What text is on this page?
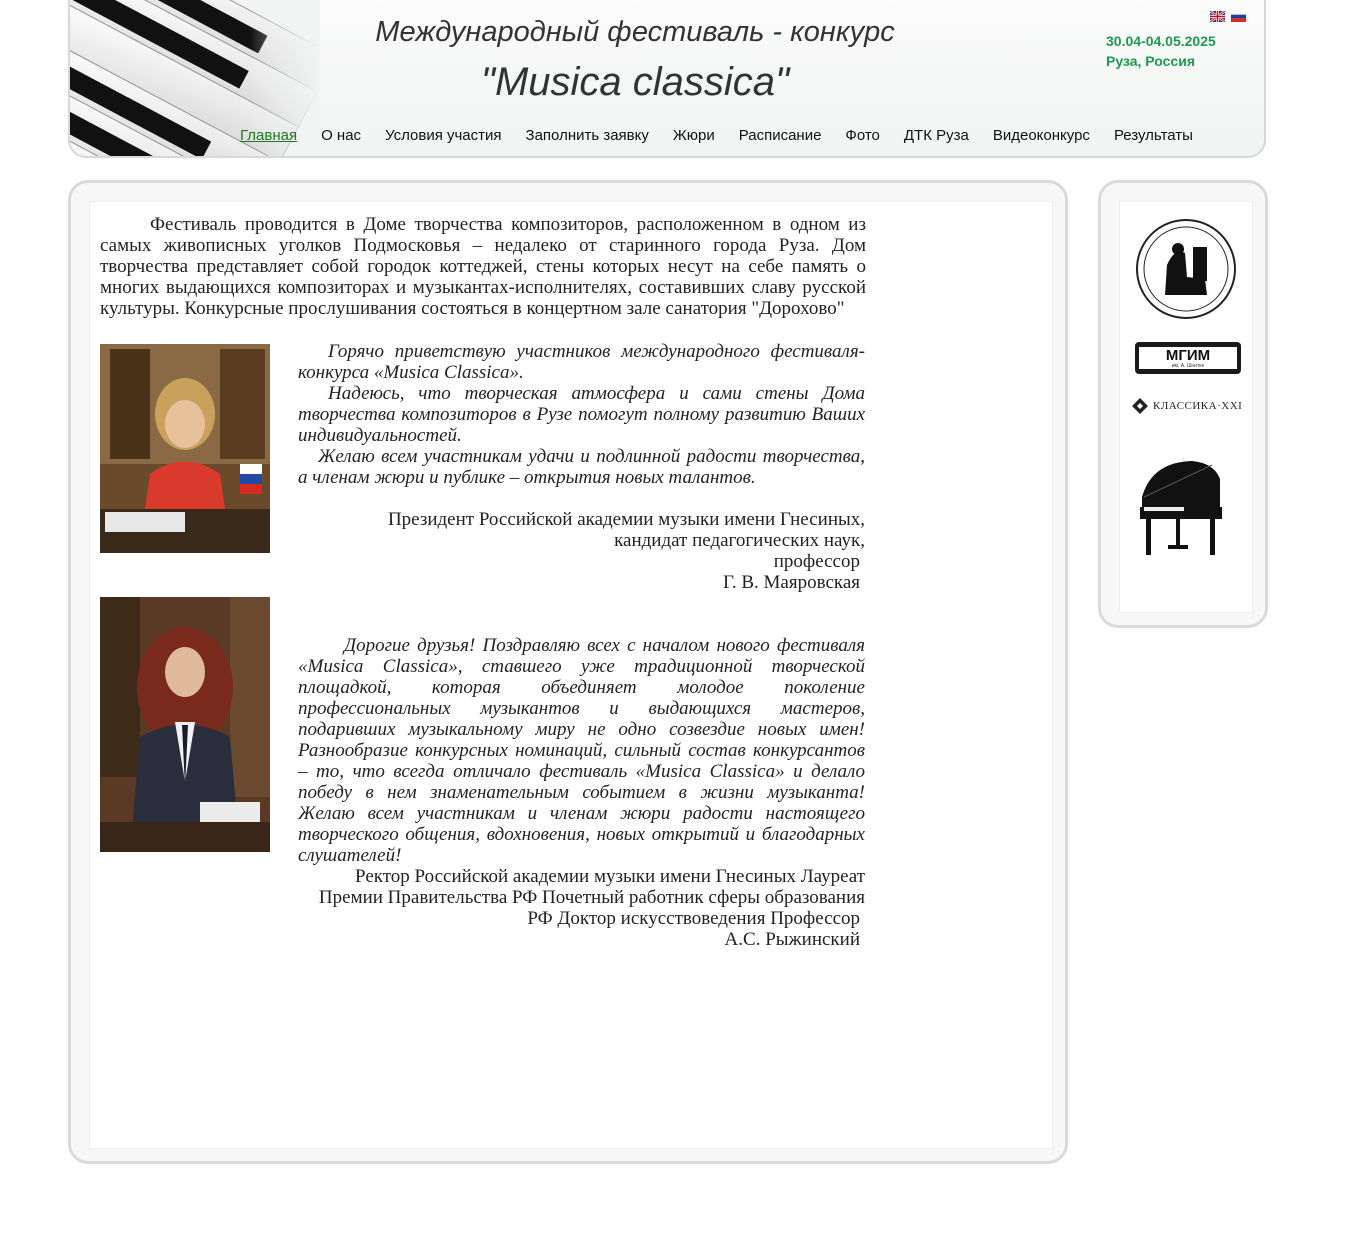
Международный фестиваль - конкурс
"Musica classica"
30.04-04.05.2025
Руза, Россия
Главная О нас Условия участия Заполнить заявку Жюри Расписание Фото ДТК Руза Видеоконкурс Результаты
Фестиваль проводится в Доме творчества композиторов, расположенном в одном из самых живописных уголков Подмосковья – недалеко от старинного города Руза. Дом творчества представляет собой городок коттеджей, стены которых несут на себе память о многих выдающихся композиторах и музыкантах-исполнителях, составивших славу русской культуры. Конкурсные прослушивания состояться в концертном зале санатория "Дорохово"

Горячо приветствую участников международного фестиваля-конкурса «Musica Classica».

Надеюсь, что творческая атмосфера и сами стены Дома творчества композиторов в Рузе помогут полному развитию Ваших индивидуальностей.

Желаю всем участникам удачи и подлинной радости творчества, а членам жюри и публике – открытия новых талантов.

Президент Российской академии музыки имени Гнесиных,

кандидат педагогических наук,

профессор

Г. В. Маяровская

Дорогие друзья! Поздравляю всех с началом нового фестиваля «Musica Classica», ставшего уже традиционной творческой площадкой, которая объединяет молодое поколение профессиональных музыкантов и выдающихся мастеров, подаривших музыкальному миру не одно созвездие новых имен! Разнообразие конкурсных номинаций, сильный состав конкурсантов – то, что всегда отличало фестиваль «Musica Classica» и делало победу в нем знаменательным событием в жизни музыканта! Желаю всем участникам и членам жюри радости настоящего творческого общения, вдохновения, новых открытий и благодарных слушателей!
Ректор Российской академии музыки имени Гнесиных Лауреат
Премии Правительства РФ Почетный работник сферы образования
РФ Доктор искусствоведения Профессор
А.С. Рыжинский
МГИМ
им. А. Шнитке
КЛАССИКА·XXI
